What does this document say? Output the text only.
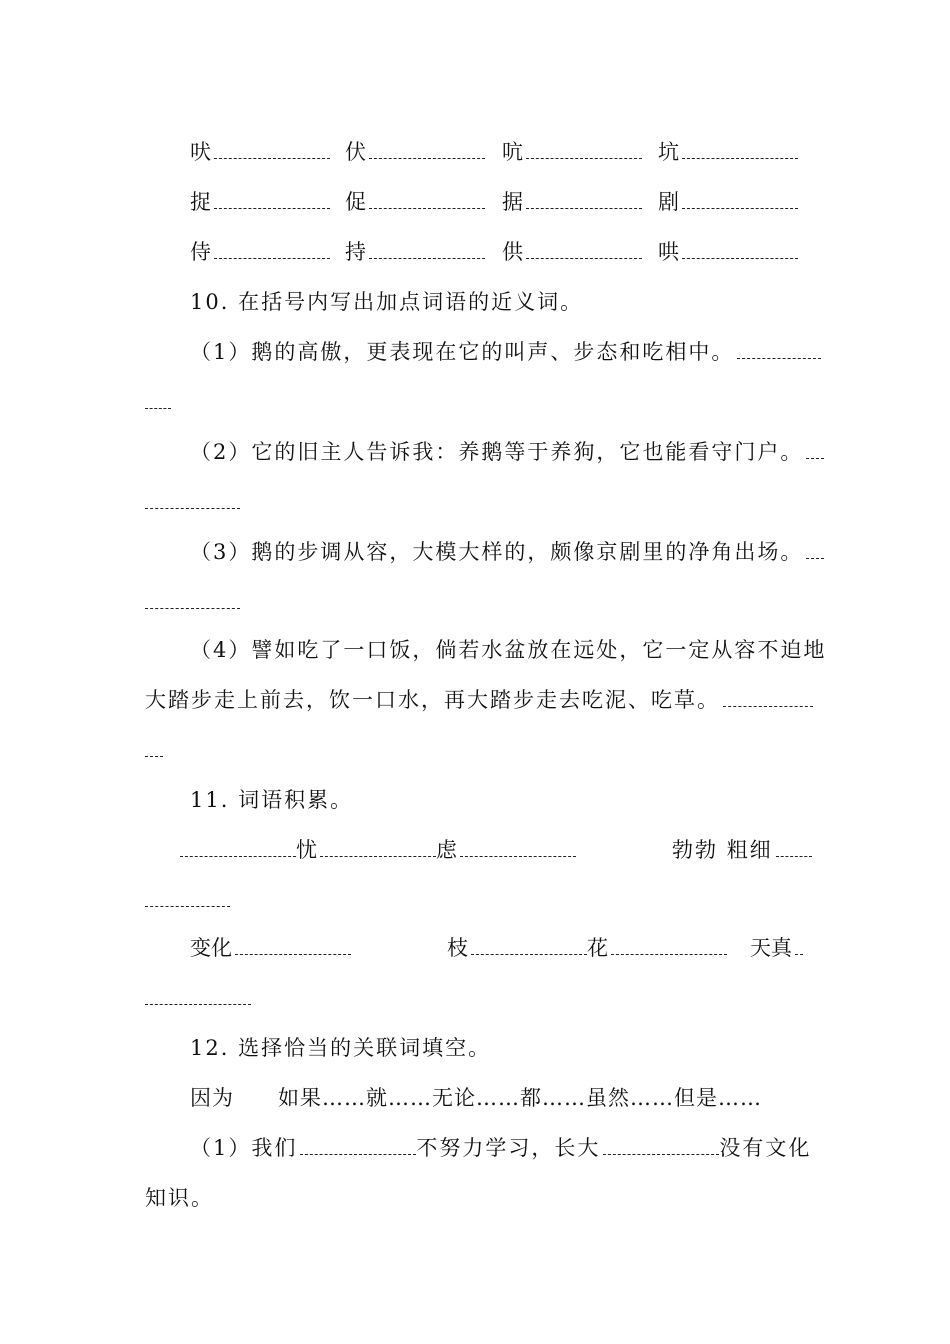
吠	伏	吭	坑
捉	促	据	剧
侍	持	供	哄
10. 在括号内写出加点词语的近义词。
（1）鹅的高傲，更表现在它的叫声、步态和吃相中。
（2）它的旧主人告诉我：养鹅等于养狗，它也能看守门户。
（3）鹅的步调从容，大模大样的，颇像京剧里的净角出场。
（4）譬如吃了一口饭，倘若水盆放在远处，它一定从容不迫地
大踏步走上前去，饮一口水，再大踏步走去吃泥、吃草。
11. 词语积累。
忧	虑	勃勃 粗细
变化	枝	花	天真
12. 选择恰当的关联词填空。
因为　　如果……就……无论……都……虽然……但是……
（1）我们	不努力学习，长大	没有文化
知识。
